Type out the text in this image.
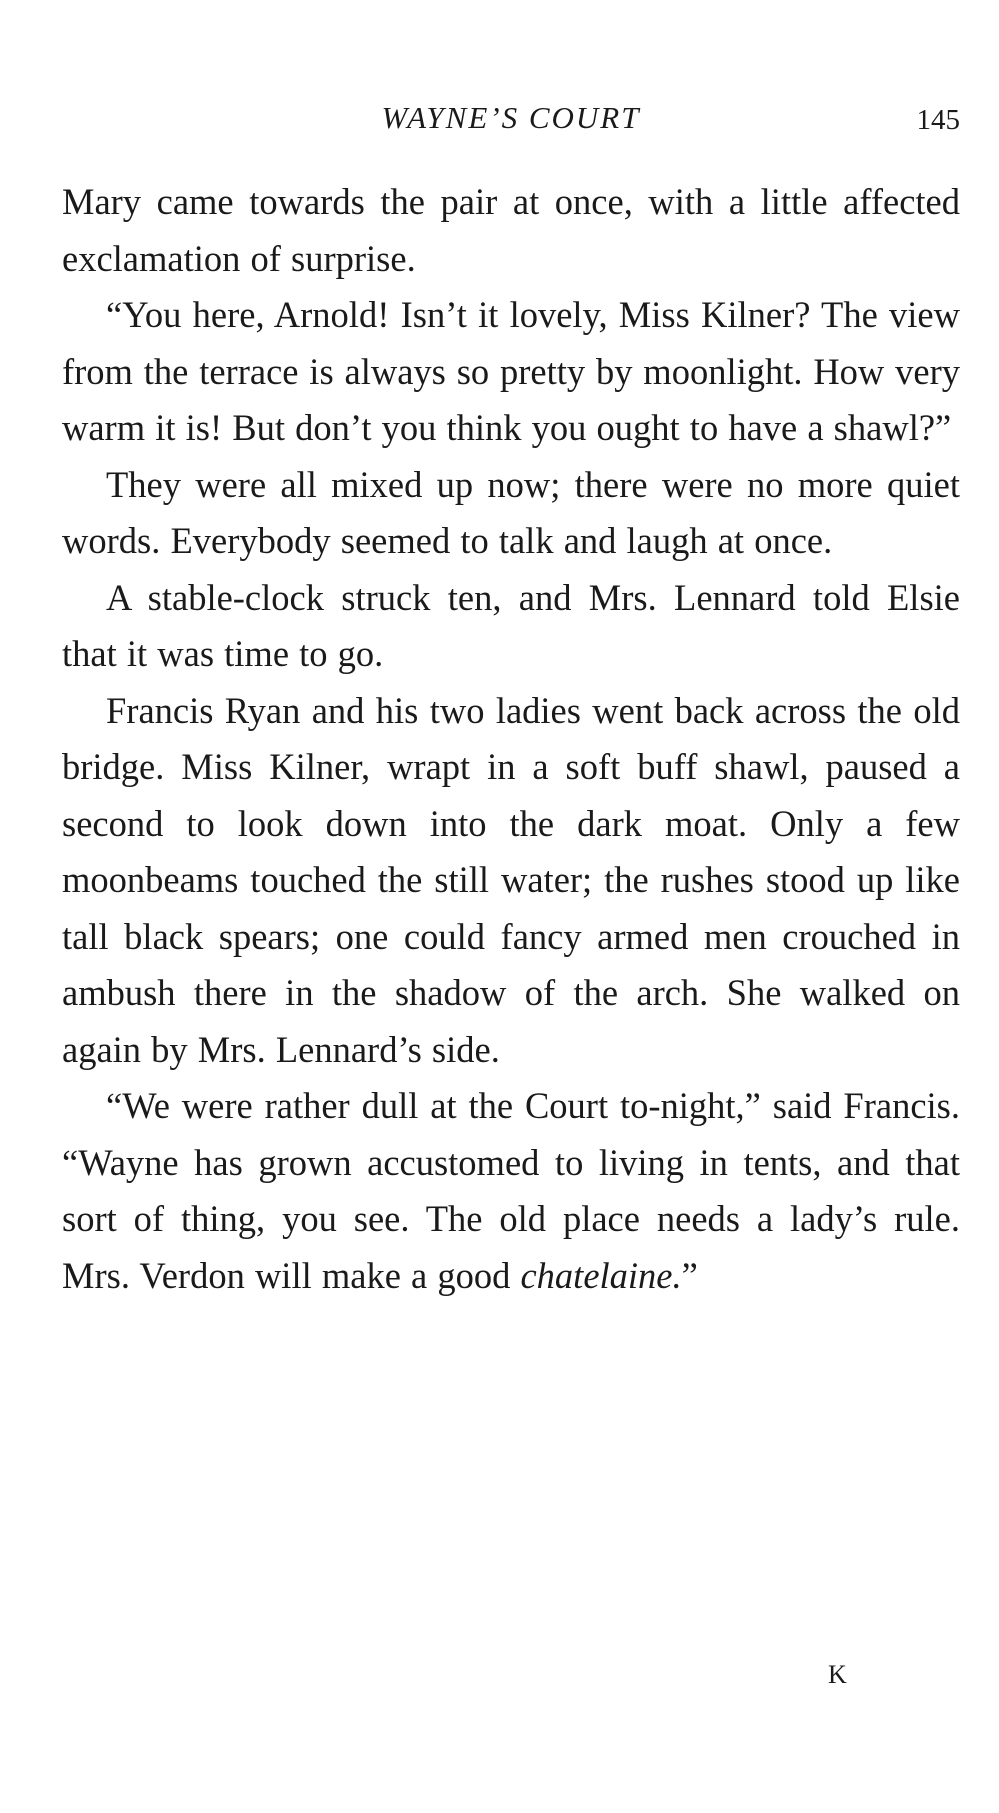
WAYNE’S COURT	145

Mary came towards the pair at once, with a little affected exclamation of surprise.

“You here, Arnold! Isn’t it lovely, Miss Kilner? The view from the terrace is always so pretty by moonlight. How very warm it is! But don’t you think you ought to have a shawl?”

They were all mixed up now; there were no more quiet words. Everybody seemed to talk and laugh at once.

A stable-clock struck ten, and Mrs. Lennard told Elsie that it was time to go.

Francis Ryan and his two ladies went back across the old bridge. Miss Kilner, wrapt in a soft buff shawl, paused a second to look down into the dark moat. Only a few moonbeams touched the still water; the rushes stood up like tall black spears; one could fancy armed men crouched in ambush there in the shadow of the arch. She walked on again by Mrs. Lennard’s side.

“We were rather dull at the Court to-night,” said Francis. “Wayne has grown accustomed to living in tents, and that sort of thing, you see. The old place needs a lady’s rule. Mrs. Verdon will make a good chatelaine.”

K
